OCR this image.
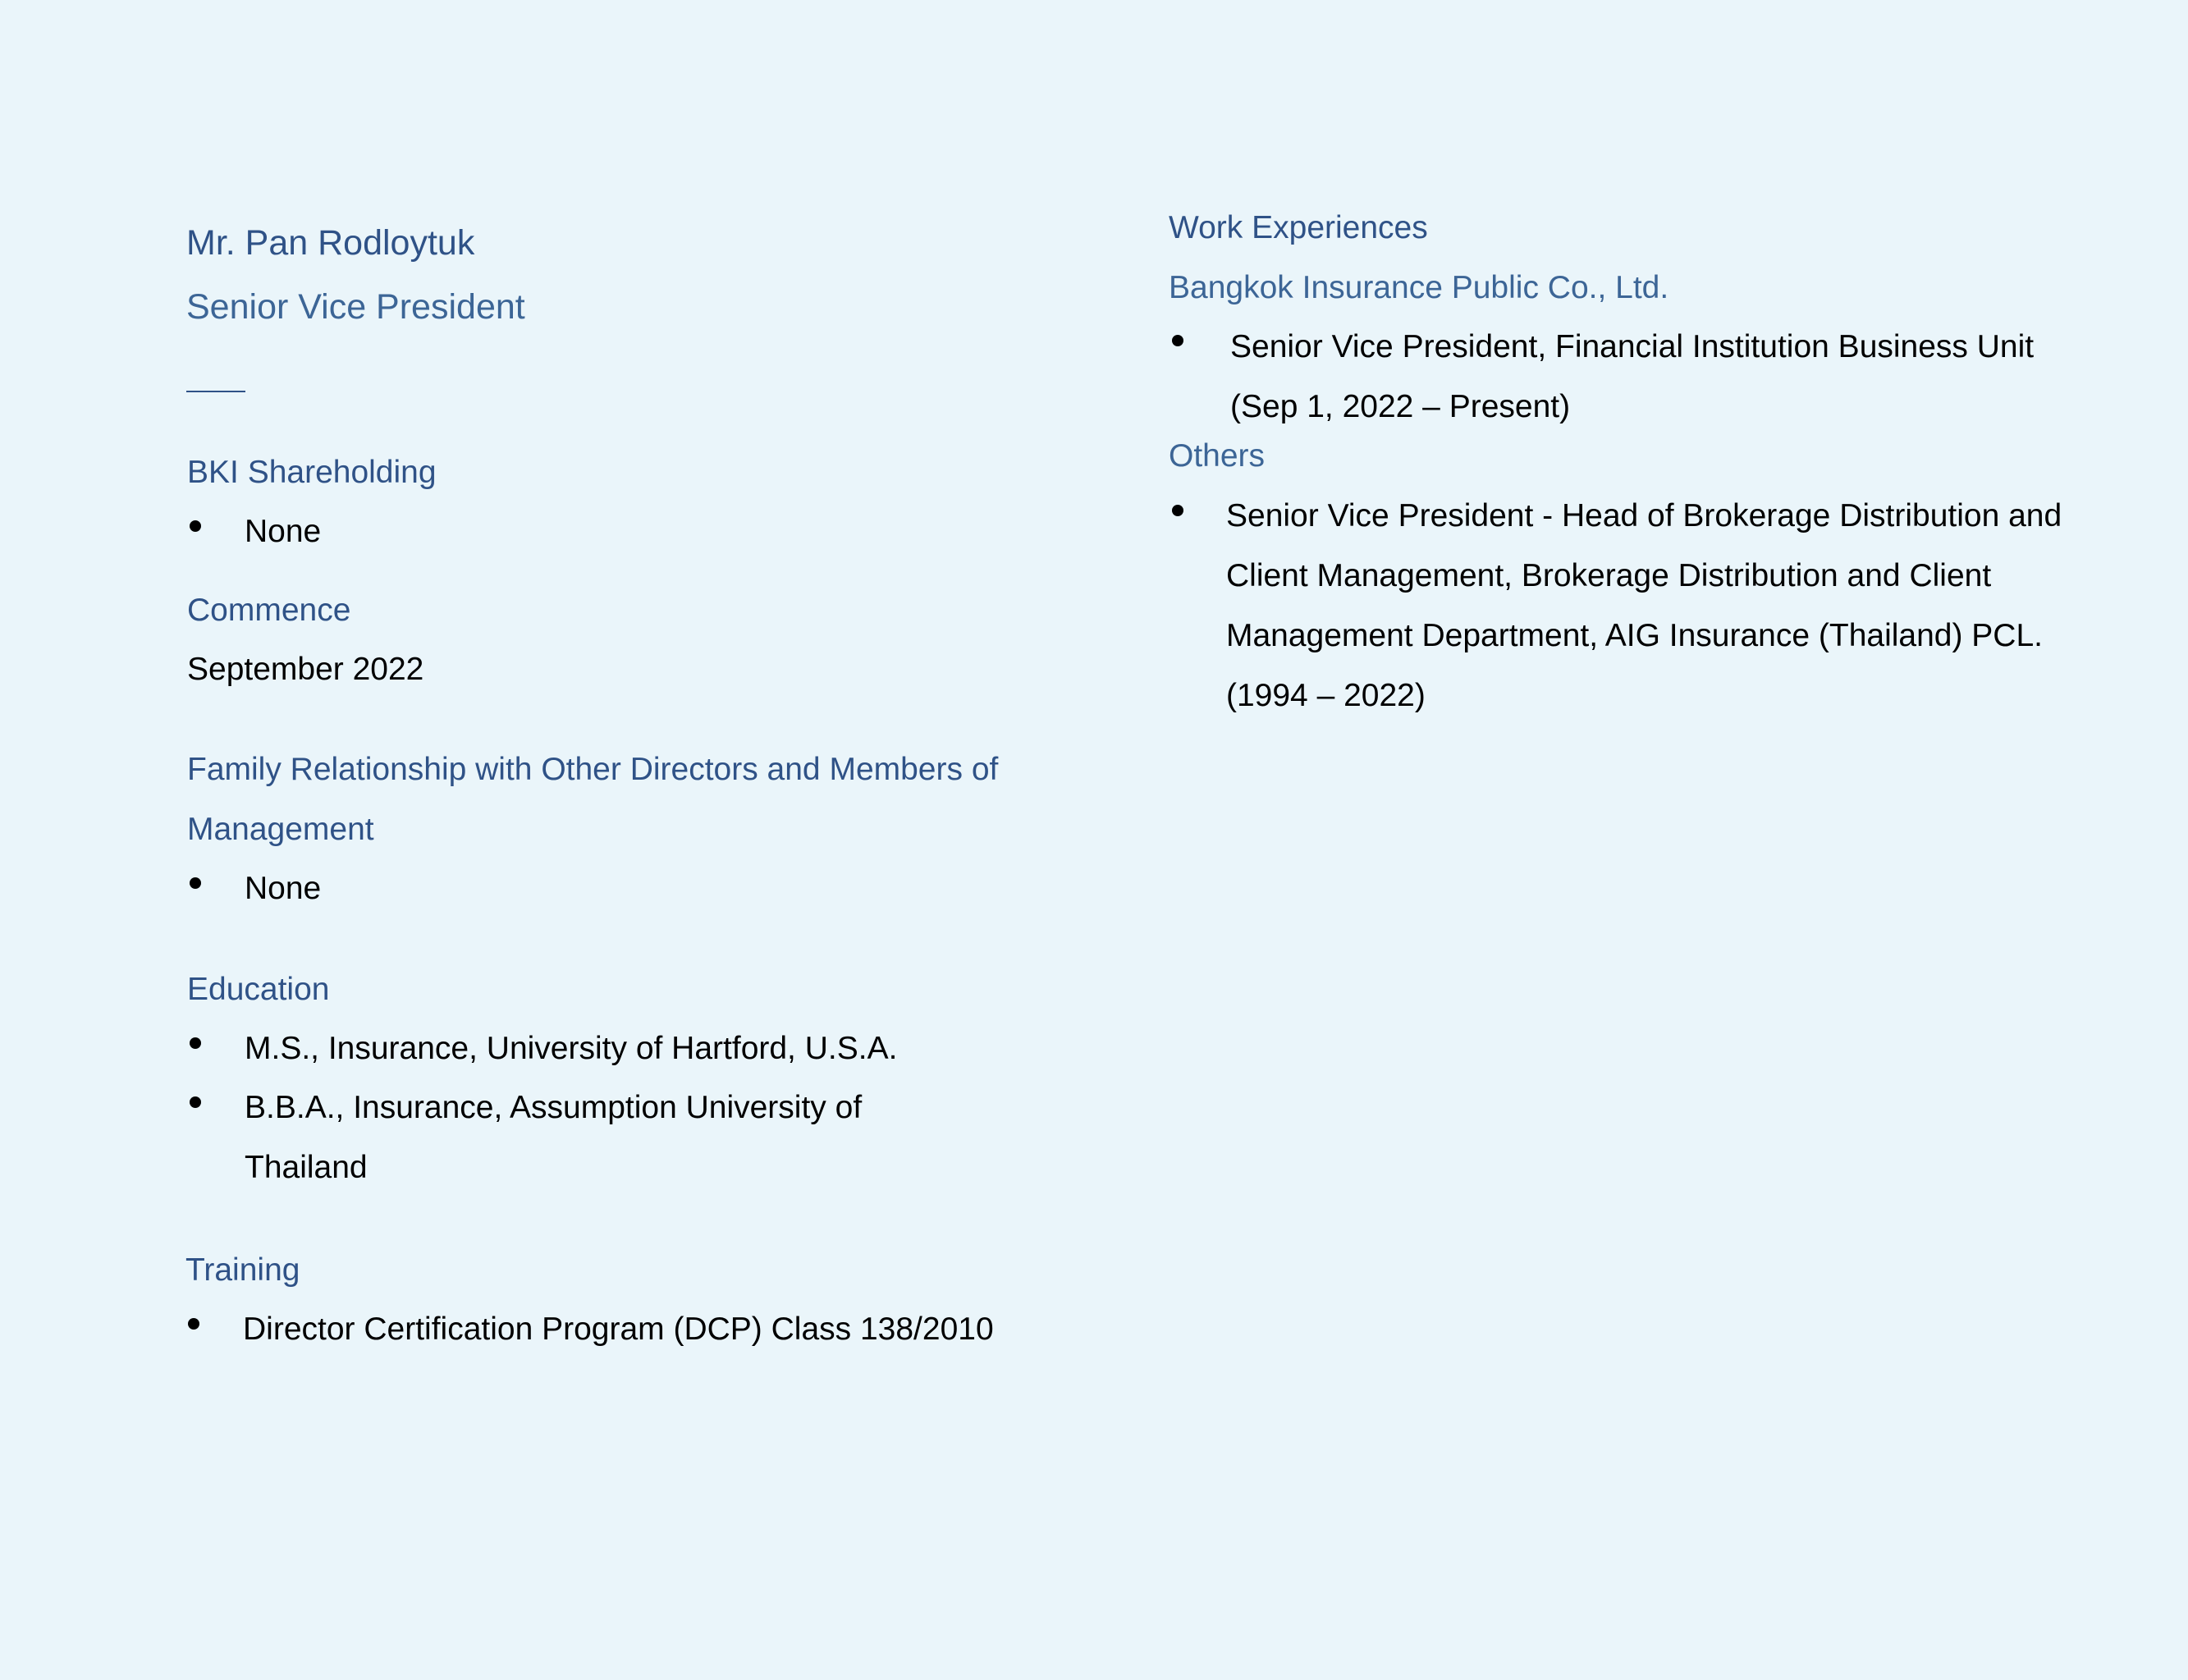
Mr. Pan Rodloytuk
Senior Vice President
BKI Shareholding
None
Commence
September 2022
Family Relationship with Other Directors and Members of
Management
None
Education
M.S., Insurance, University of Hartford, U.S.A.
B.B.A., Insurance, Assumption University of
Thailand
Training
Director Certification Program (DCP) Class 138/2010
Work Experiences
Bangkok Insurance Public Co., Ltd.
Senior Vice President, Financial Institution Business Unit
(Sep 1, 2022 – Present)
Others
Senior Vice President - Head of Brokerage Distribution and
Client Management, Brokerage Distribution and Client
Management Department, AIG Insurance (Thailand) PCL.
(1994 – 2022)
